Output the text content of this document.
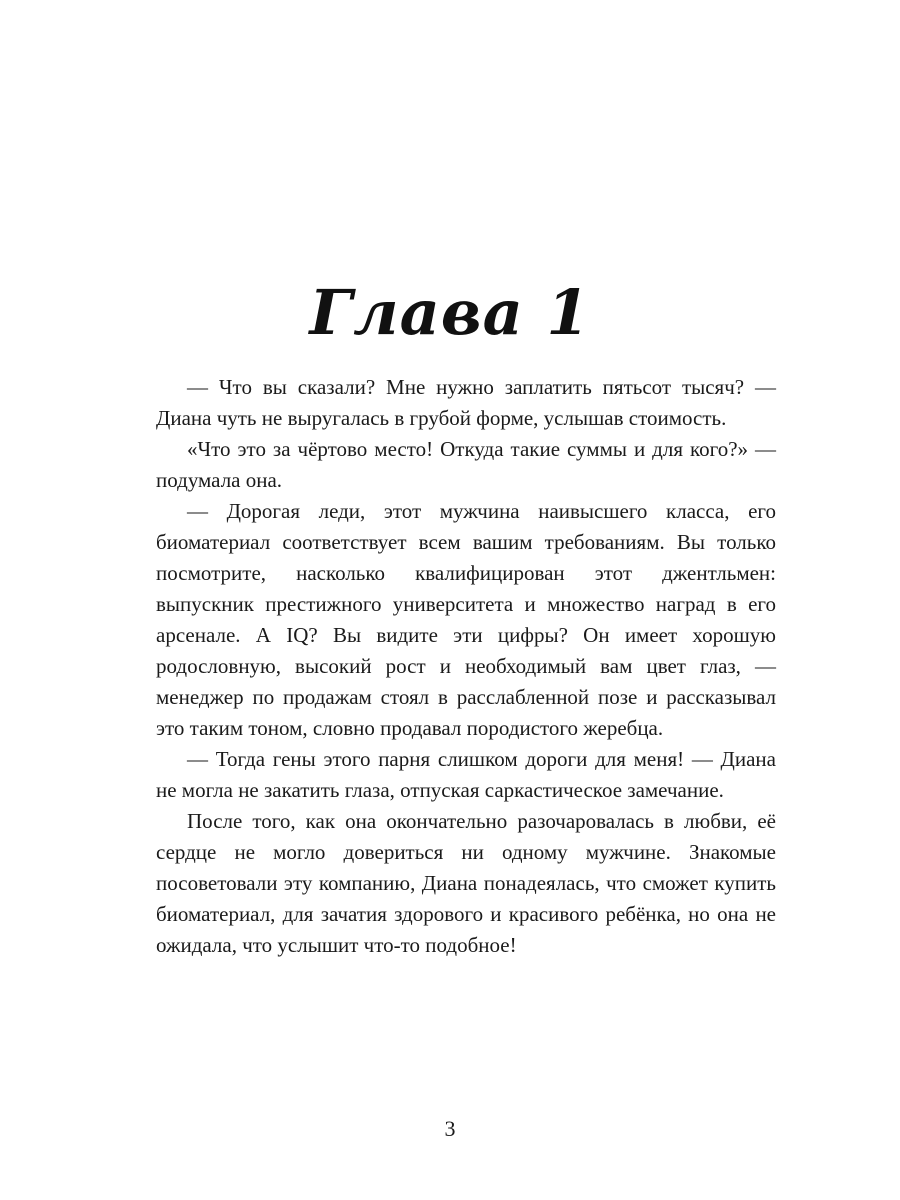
Глава 1

— Что вы сказали? Мне нужно заплатить пятьсот тысяч? — Диана чуть не выругалась в грубой форме, услышав стоимость.

«Что это за чёртово место! Откуда такие суммы и для кого?» — подумала она.

— Дорогая леди, этот мужчина наивысшего класса, его биоматериал соответствует всем вашим требованиям. Вы только посмотрите, насколько квалифицирован этот джентльмен: выпускник престижного университета и множество наград в его арсенале. А IQ? Вы видите эти цифры? Он имеет хорошую родословную, высокий рост и необходимый вам цвет глаз, — менеджер по продажам стоял в расслабленной позе и рассказывал это таким тоном, словно продавал породистого жеребца.

— Тогда гены этого парня слишком дороги для меня! — Диана не могла не закатить глаза, отпуская саркастическое замечание.

После того, как она окончательно разочаровалась в любви, её сердце не могло довериться ни одному мужчине. Знакомые посоветовали эту компанию, Диана понадеялась, что сможет купить биоматериал, для зачатия здорового и красивого ребёнка, но она не ожидала, что услышит что-то подобное!

3
